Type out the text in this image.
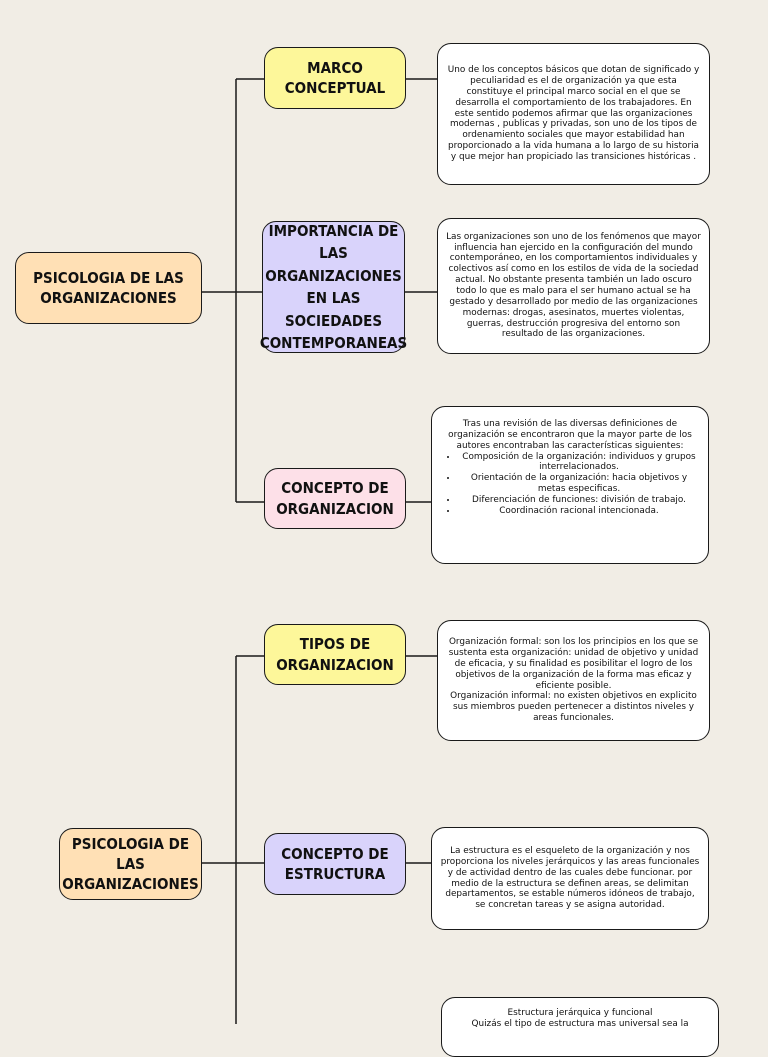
PSICOLOGIA DE LAS ORGANIZACIONES
MARCO CONCEPTUAL
Uno de los conceptos básicos que dotan de significado y peculiaridad es el de organización ya que esta constituye el principal marco social en el que se desarrolla el comportamiento de los trabajadores. En este sentido podemos afirmar que las organizaciones modernas , publicas y privadas, son uno de los tipos de ordenamiento sociales que mayor estabilidad han proporcionado a la vida humana a lo largo de su historia y que mejor han propiciado las transiciones históricas .
IMPORTANCIA DE LAS ORGANIZACIONES EN LAS SOCIEDADES CONTEMPORANEAS
Las organizaciones son uno de los fenómenos que mayor influencia han ejercido en la configuración del mundo contemporáneo, en los comportamientos individuales y colectivos así como en los estilos de vida de la sociedad actual. No obstante presenta también un lado oscuro todo lo que es malo para el ser humano actual se ha gestado y desarrollado por medio de las organizaciones modernas: drogas, asesinatos, muertes violentas, guerras, destrucción progresiva del entorno son resultado de las organizaciones.
CONCEPTO DE ORGANIZACION
Tras una revisión de las diversas definiciones de organización se encontraron que la mayor parte de los autores encontraban las características siguientes:
• Composición de la organización: individuos y grupos interrelacionados.
• Orientación de la organización: hacia objetivos y metas especificas.
• Diferenciación de funciones: división de trabajo.
• Coordinación racional intencionada.
PSICOLOGIA DE LAS ORGANIZACIONES
TIPOS DE ORGANIZACION
Organización formal: son los los principios en los que se sustenta esta organización: unidad de objetivo y unidad de eficacia, y su finalidad es posibilitar el logro de los objetivos de la organización de la forma mas eficaz y eficiente posible.
Organización informal: no existen objetivos en explicito sus miembros pueden pertenecer a distintos niveles y areas funcionales.
CONCEPTO DE ESTRUCTURA
La estructura es el esqueleto de la organización y nos proporciona los niveles jerárquicos y las areas funcionales y de actividad dentro de las cuales debe funcionar. por medio de la estructura se definen areas, se delimitan departamentos, se estable números idóneos de trabajo, se concretan tareas y se asigna autoridad.
Estructura jerárquica y funcional
Quizás el tipo de estructura mas universal sea la
